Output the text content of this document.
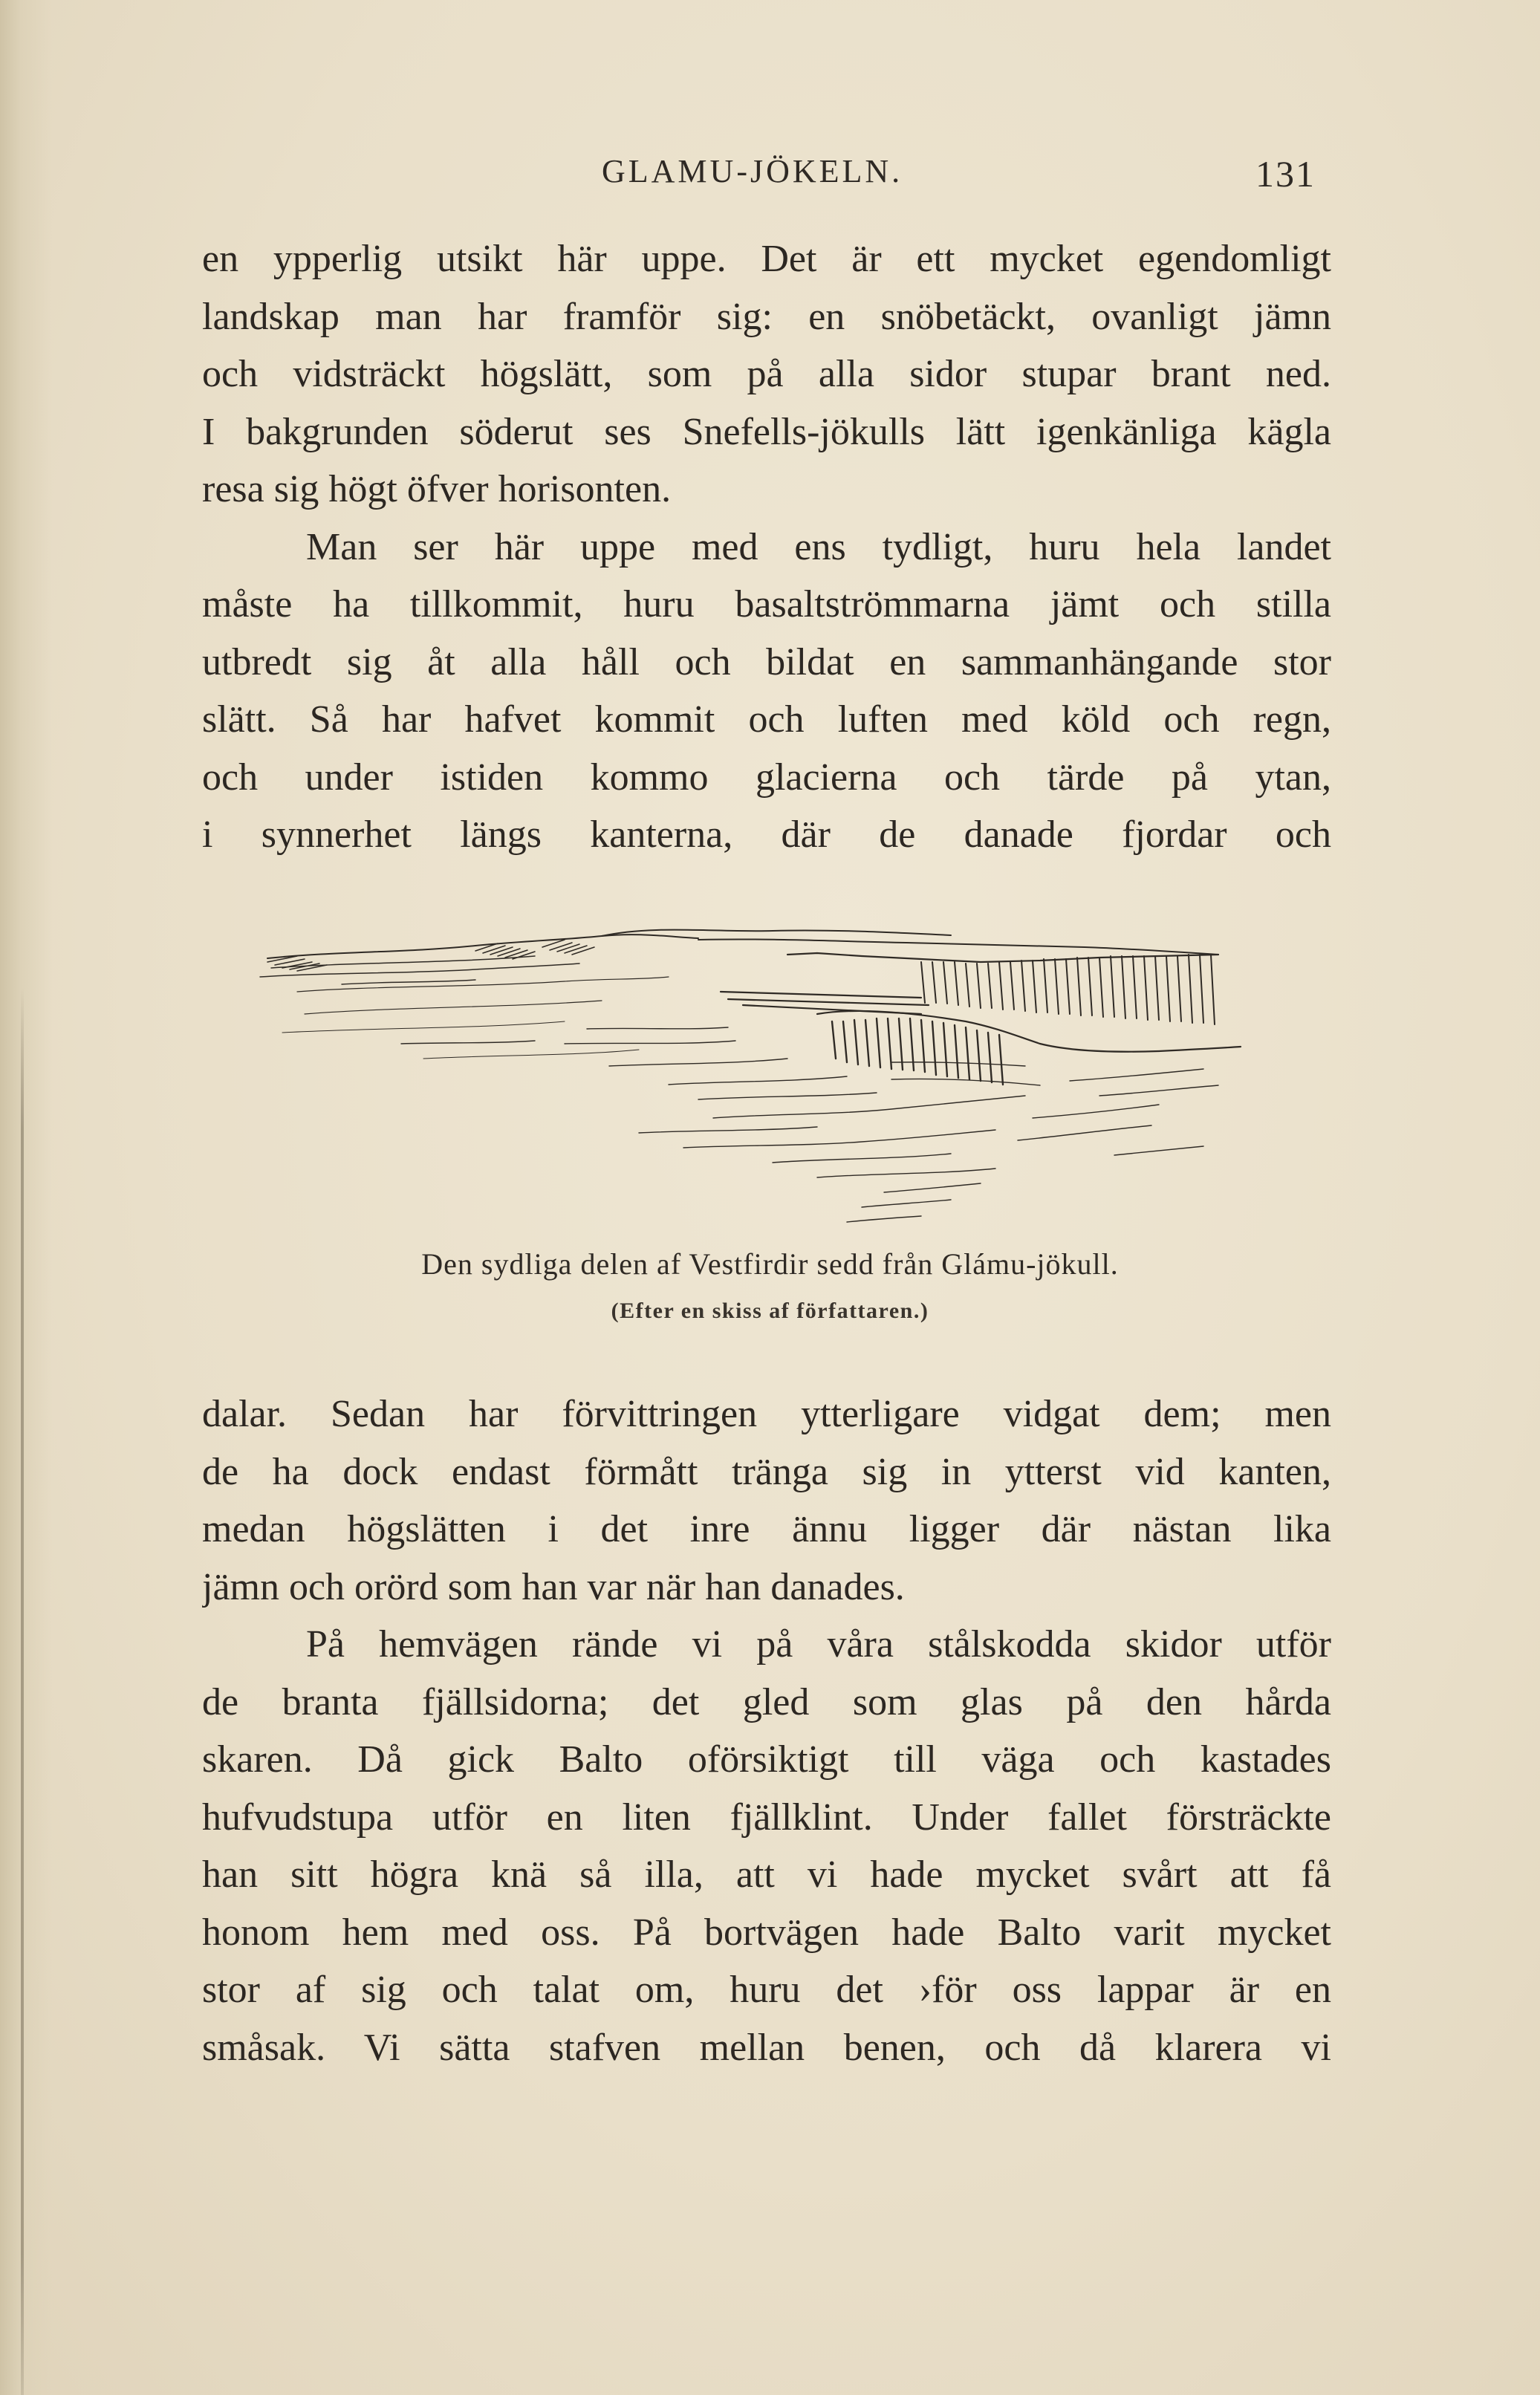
GLAMU-JÖKELN.	131
en ypperlig utsikt här uppe. Det är ett mycket egendomligt
landskap man har framför sig: en snöbetäckt, ovanligt jämn
och vidsträckt högslätt, som på alla sidor stupar brant ned.
I bakgrunden söderut ses Snefells-jökulls lätt igenkänliga kägla
resa sig högt öfver horisonten.
Man ser här uppe med ens tydligt, huru hela landet
måste ha tillkommit, huru basaltströmmarna jämt och stilla
utbredt sig åt alla håll och bildat en sammanhängande stor
slätt. Så har hafvet kommit och luften med köld och regn,
och under istiden kommo glacierna och tärde på ytan,
i synnerhet längs kanterna, där de danade fjordar och
Den sydliga delen af Vestfirdir sedd från Glámu-jökull.
(Efter en skiss af författaren.)
dalar. Sedan har förvittringen ytterligare vidgat dem; men
de ha dock endast förmått tränga sig in ytterst vid kanten,
medan högslätten i det inre ännu ligger där nästan lika
jämn och orörd som han var när han danades.
På hemvägen rände vi på våra stålskodda skidor utför
de branta fjällsidorna; det gled som glas på den hårda
skaren. Då gick Balto oförsiktigt till väga och kastades
hufvudstupa utför en liten fjällklint. Under fallet försträckte
han sitt högra knä så illa, att vi hade mycket svårt att få
honom hem med oss. På bortvägen hade Balto varit mycket
stor af sig och talat om, huru det ›för oss lappar är en
småsak. Vi sätta stafven mellan benen, och då klarera vi
